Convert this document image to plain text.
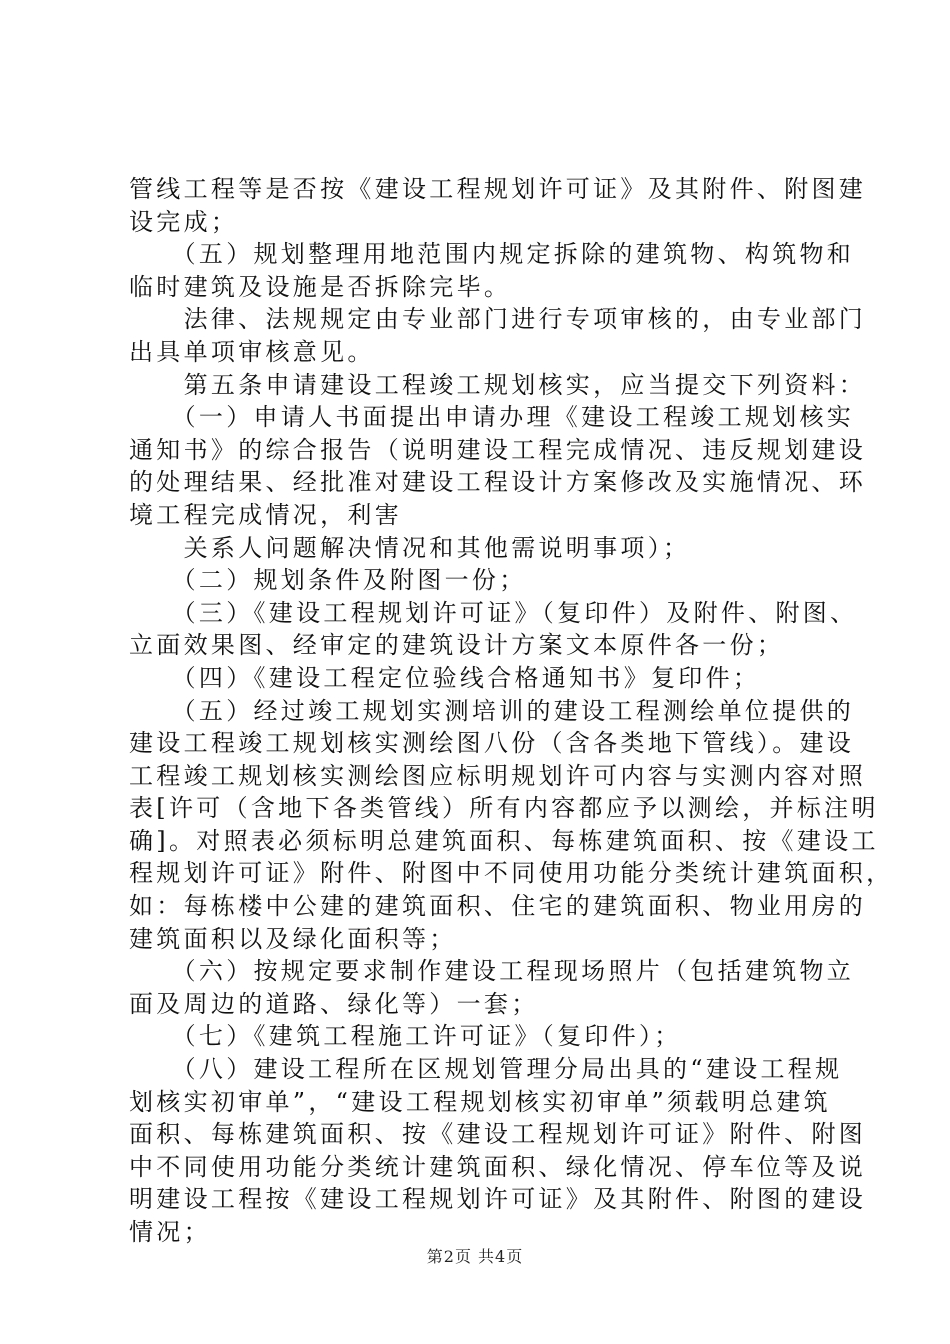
管线工程等是否按《建设工程规划许可证》及其附件、附图建
设完成；
　　（五）规划整理用地范围内规定拆除的建筑物、构筑物和
临时建筑及设施是否拆除完毕。
　　法律、法规规定由专业部门进行专项审核的，由专业部门
出具单项审核意见。
　　第五条申请建设工程竣工规划核实，应当提交下列资料：
　　（一）申请人书面提出申请办理《建设工程竣工规划核实
通知书》的综合报告（说明建设工程完成情况、违反规划建设
的处理结果、经批准对建设工程设计方案修改及实施情况、环
境工程完成情况，利害
　　关系人问题解决情况和其他需说明事项）；
　　（二）规划条件及附图一份；
　　（三）《建设工程规划许可证》（复印件）及附件、附图、
立面效果图、经审定的建筑设计方案文本原件各一份；
　　（四）《建设工程定位验线合格通知书》复印件；
　　（五）经过竣工规划实测培训的建设工程测绘单位提供的
建设工程竣工规划核实测绘图八份（含各类地下管线）。建设
工程竣工规划核实测绘图应标明规划许可内容与实测内容对照
表[许可（含地下各类管线）所有内容都应予以测绘，并标注明
确]。对照表必须标明总建筑面积、每栋建筑面积、按《建设工
程规划许可证》附件、附图中不同使用功能分类统计建筑面积，
如：每栋楼中公建的建筑面积、住宅的建筑面积、物业用房的
建筑面积以及绿化面积等；
　　（六）按规定要求制作建设工程现场照片（包括建筑物立
面及周边的道路、绿化等）一套；
　　（七）《建筑工程施工许可证》（复印件）；
　　（八）建设工程所在区规划管理分局出具的“建设工程规
划核实初审单”，“建设工程规划核实初审单”须载明总建筑
面积、每栋建筑面积、按《建设工程规划许可证》附件、附图
中不同使用功能分类统计建筑面积、绿化情况、停车位等及说
明建设工程按《建设工程规划许可证》及其附件、附图的建设
情况；
第2页 共4页
